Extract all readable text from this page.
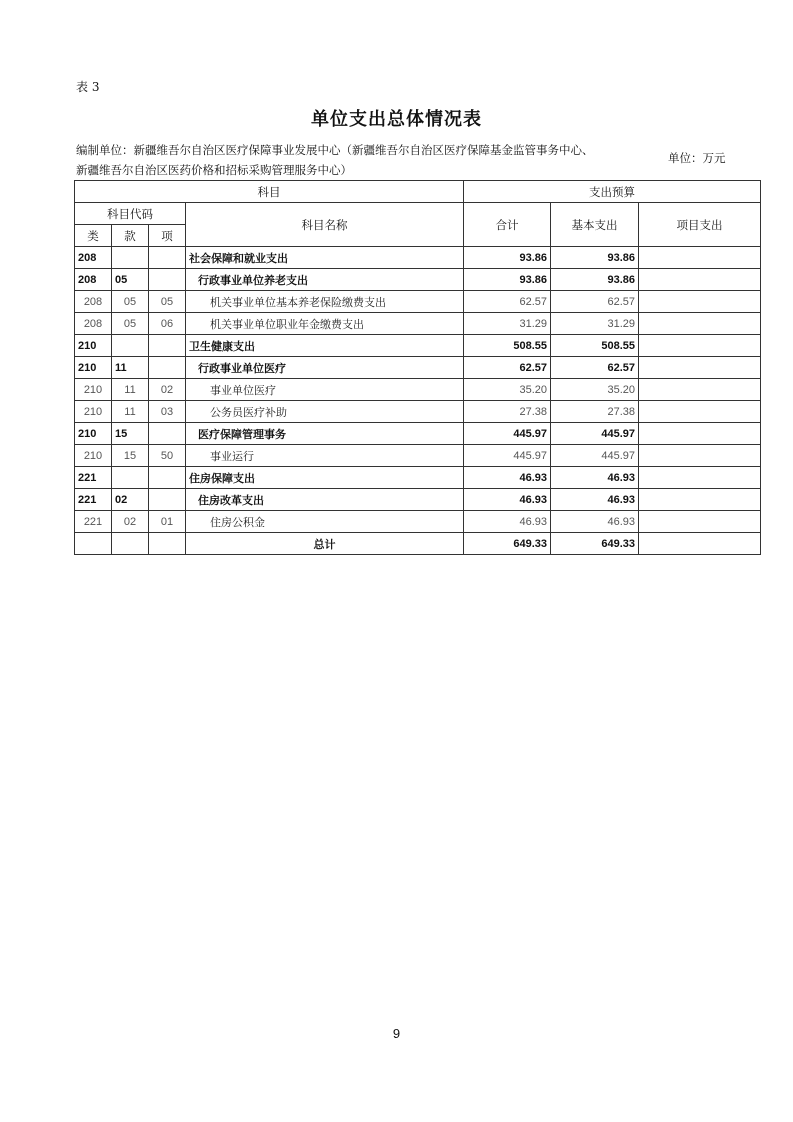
表 3
单位支出总体情况表
编制单位：新疆维吾尔自治区医疗保障事业发展中心（新疆维吾尔自治区医疗保障基金监管事务中心、
新疆维吾尔自治区医药价格和招标采购管理服务中心）
单位：万元
科目				支出预算		
科目代码			科目名称	合计	基本支出	项目支出
类	款	项				
208			社会保障和就业支出	93.86	93.86	
208	05		行政事业单位养老支出	93.86	93.86	
208	05	05	机关事业单位基本养老保险缴费支出	62.57	62.57	
208	05	06	机关事业单位职业年金缴费支出	31.29	31.29	
210			卫生健康支出	508.55	508.55	
210	11		行政事业单位医疗	62.57	62.57	
210	11	02	事业单位医疗	35.20	35.20	
210	11	03	公务员医疗补助	27.38	27.38	
210	15		医疗保障管理事务	445.97	445.97	
210	15	50	事业运行	445.97	445.97	
221			住房保障支出	46.93	46.93	
221	02		住房改革支出	46.93	46.93	
221	02	01	住房公积金	46.93	46.93	
			总计	649.33	649.33	
9
